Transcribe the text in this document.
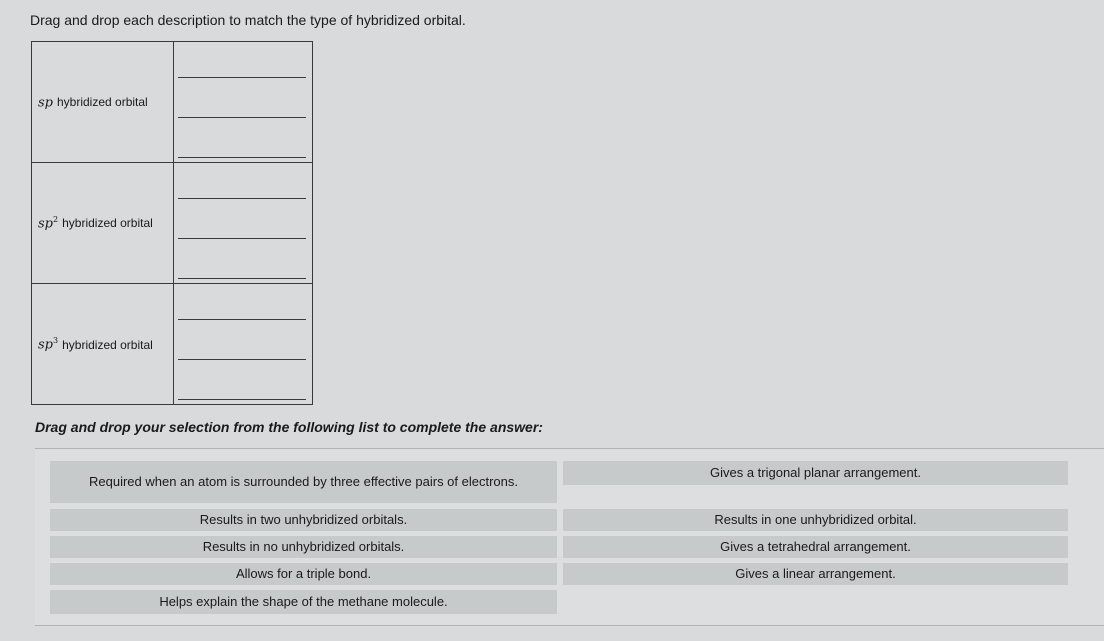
Drag and drop each description to match the type of hybridized orbital.
sp hybridized orbital
$sp^2$ hybridized orbital
$sp^3$ hybridized orbital
Drag and drop your selection from the following list to complete the answer:
Required when an atom is surrounded by three effective pairs of electrons.
Results in two unhybridized orbitals.
Results in no unhybridized orbitals.
Allows for a triple bond.
Helps explain the shape of the methane molecule.
Gives a trigonal planar arrangement.
Results in one unhybridized orbital.
Gives a tetrahedral arrangement.
Gives a linear arrangement.
